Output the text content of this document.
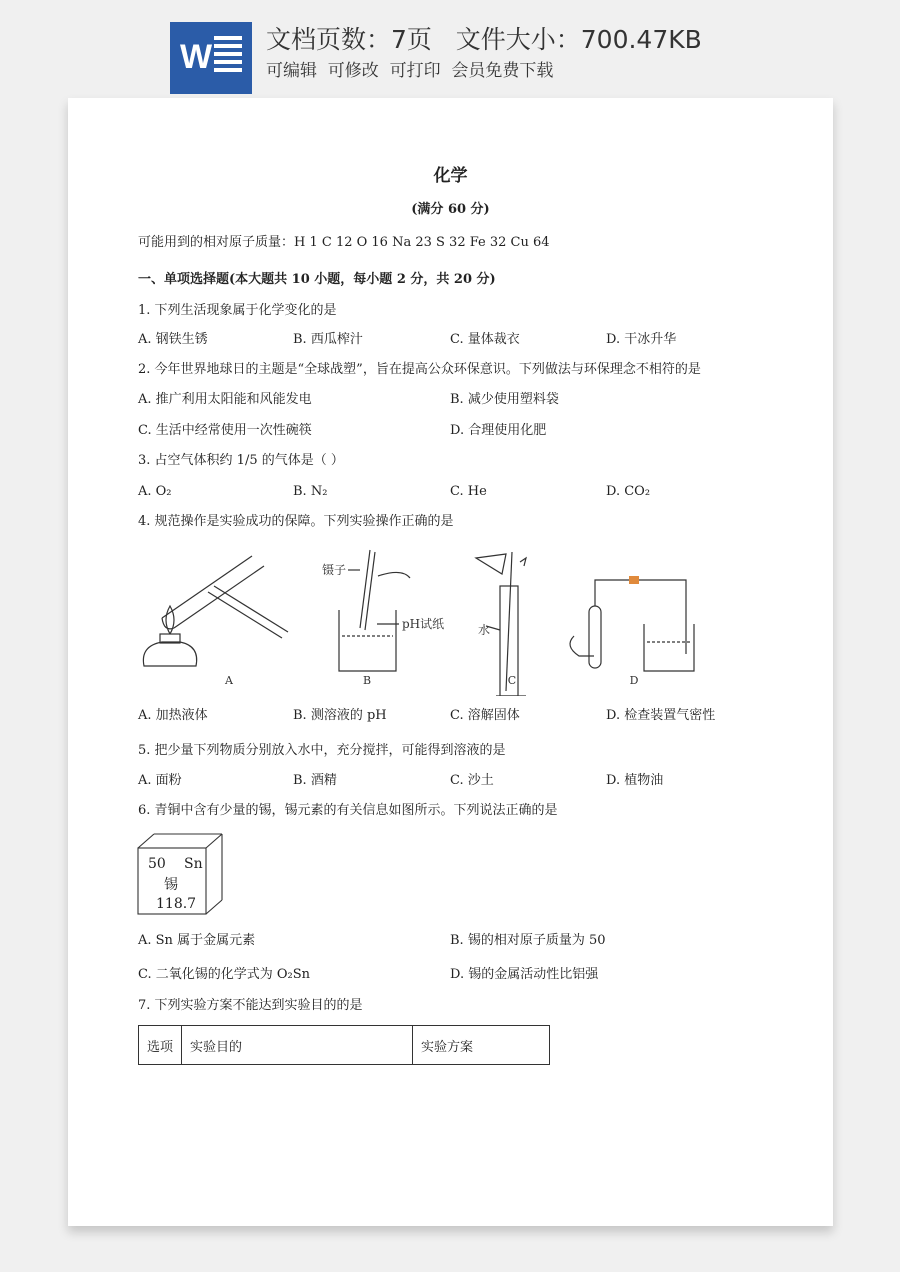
W 文档页数：7页 文件大小：700.47KB
可编辑  可修改  可打印  会员免费下载
化学
(满分 60 分)
可能用到的相对原子质量：H 1 C 12 O 16 Na 23 S 32 Fe 32 Cu 64
一、单项选择题(本大题共 10 小题，每小题 2 分，共 20 分)
1. 下列生活现象属于化学变化的是
A. 钢铁生锈	B. 西瓜榨汁	C. 量体裁衣	D. 干冰升华
2. 今年世界地球日的主题是“全球战塑”，旨在提高公众环保意识。下列做法与环保理念不相符的是
A. 推广利用太阳能和风能发电	B. 减少使用塑料袋
C. 生活中经常使用一次性碗筷	D. 合理使用化肥
3. 占空气体积约 1/5 的气体是（ ）
A. O₂	B. N₂	C. He	D. CO₂
4. 规范操作是实验成功的保障。下列实验操作正确的是
A	B	C	D
镊子
pH试纸	水
A. 加热液体	B. 测溶液的 pH	C. 溶解固体	D. 检查装置气密性
5. 把少量下列物质分别放入水中，充分搅拌，可能得到溶液的是
A. 面粉	B. 酒精	C. 沙土	D. 植物油
6. 青铜中含有少量的锡，锡元素的有关信息如图所示。下列说法正确的是
50 Sn
锡
118.7
A. Sn 属于金属元素	B. 锡的相对原子质量为 50
C. 二氧化锡的化学式为 O₂Sn	D. 锡的金属活动性比铝强
7. 下列实验方案不能达到实验目的的是
选项	实验目的	实验方案
